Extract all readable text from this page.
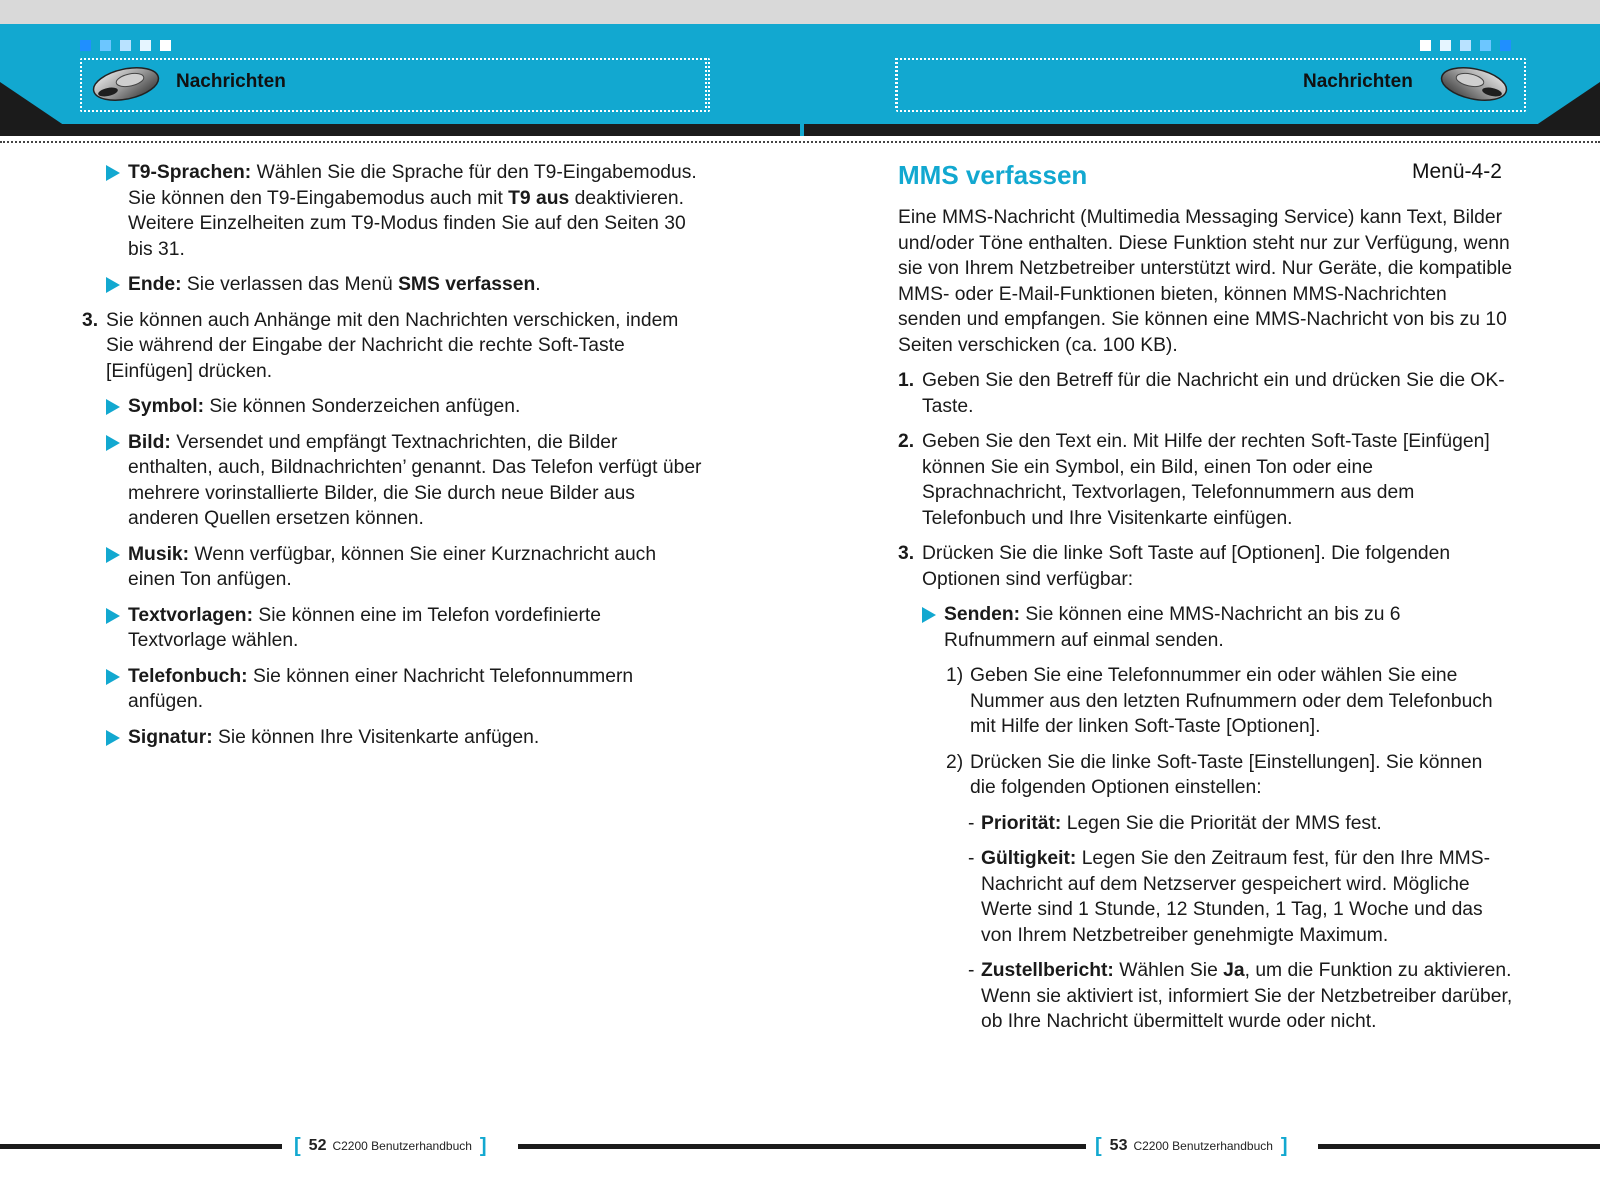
Nachrichten	Nachrichten

T9-Sprachen: Wählen Sie die Sprache für den T9-Eingabemodus. Sie können den T9-Eingabemodus auch mit T9 aus deaktivieren. Weitere Einzelheiten zum T9-Modus finden Sie auf den Seiten 30 bis 31.

Ende: Sie verlassen das Menü SMS verfassen.

3. Sie können auch Anhänge mit den Nachrichten verschicken, indem Sie während der Eingabe der Nachricht die rechte Soft-Taste [Einfügen] drücken.

Symbol: Sie können Sonderzeichen anfügen.

Bild: Versendet und empfängt Textnachrichten, die Bilder enthalten, auch, Bildnachrichten’ genannt. Das Telefon verfügt über mehrere vorinstallierte Bilder, die Sie durch neue Bilder aus anderen Quellen ersetzen können.

Musik: Wenn verfügbar, können Sie einer Kurznachricht auch einen Ton anfügen.

Textvorlagen: Sie können eine im Telefon vordefinierte Textvorlage wählen.

Telefonbuch: Sie können einer Nachricht Telefonnummern anfügen.

Signatur: Sie können Ihre Visitenkarte anfügen.

MMS verfassen	Menü-4-2

Eine MMS-Nachricht (Multimedia Messaging Service) kann Text, Bilder und/oder Töne enthalten. Diese Funktion steht nur zur Verfügung, wenn sie von Ihrem Netzbetreiber unterstützt wird. Nur Geräte, die kompatible MMS- oder E-Mail-Funktionen bieten, können MMS-Nachrichten senden und empfangen. Sie können eine MMS-Nachricht von bis zu 10 Seiten verschicken (ca. 100 KB).

1. Geben Sie den Betreff für die Nachricht ein und drücken Sie die OK-Taste.

2. Geben Sie den Text ein. Mit Hilfe der rechten Soft-Taste [Einfügen] können Sie ein Symbol, ein Bild, einen Ton oder eine Sprachnachricht, Textvorlagen, Telefonnummern aus dem Telefonbuch und Ihre Visitenkarte einfügen.

3. Drücken Sie die linke Soft Taste auf [Optionen]. Die folgenden Optionen sind verfügbar:

Senden: Sie können eine MMS-Nachricht an bis zu 6 Rufnummern auf einmal senden.

1) Geben Sie eine Telefonnummer ein oder wählen Sie eine Nummer aus den letzten Rufnummern oder dem Telefonbuch mit Hilfe der linken Soft-Taste [Optionen].

2) Drücken Sie die linke Soft-Taste [Einstellungen]. Sie können die folgenden Optionen einstellen:

- Priorität: Legen Sie die Priorität der MMS fest.

- Gültigkeit: Legen Sie den Zeitraum fest, für den Ihre MMS-Nachricht auf dem Netzserver gespeichert wird. Mögliche Werte sind 1 Stunde, 12 Stunden, 1 Tag, 1 Woche und das von Ihrem Netzbetreiber genehmigte Maximum.

- Zustellbericht: Wählen Sie Ja, um die Funktion zu aktivieren. Wenn sie aktiviert ist, informiert Sie der Netzbetreiber darüber, ob Ihre Nachricht übermittelt wurde oder nicht.

[ 52 C2200 Benutzerhandbuch ]	[ 53 C2200 Benutzerhandbuch ]
